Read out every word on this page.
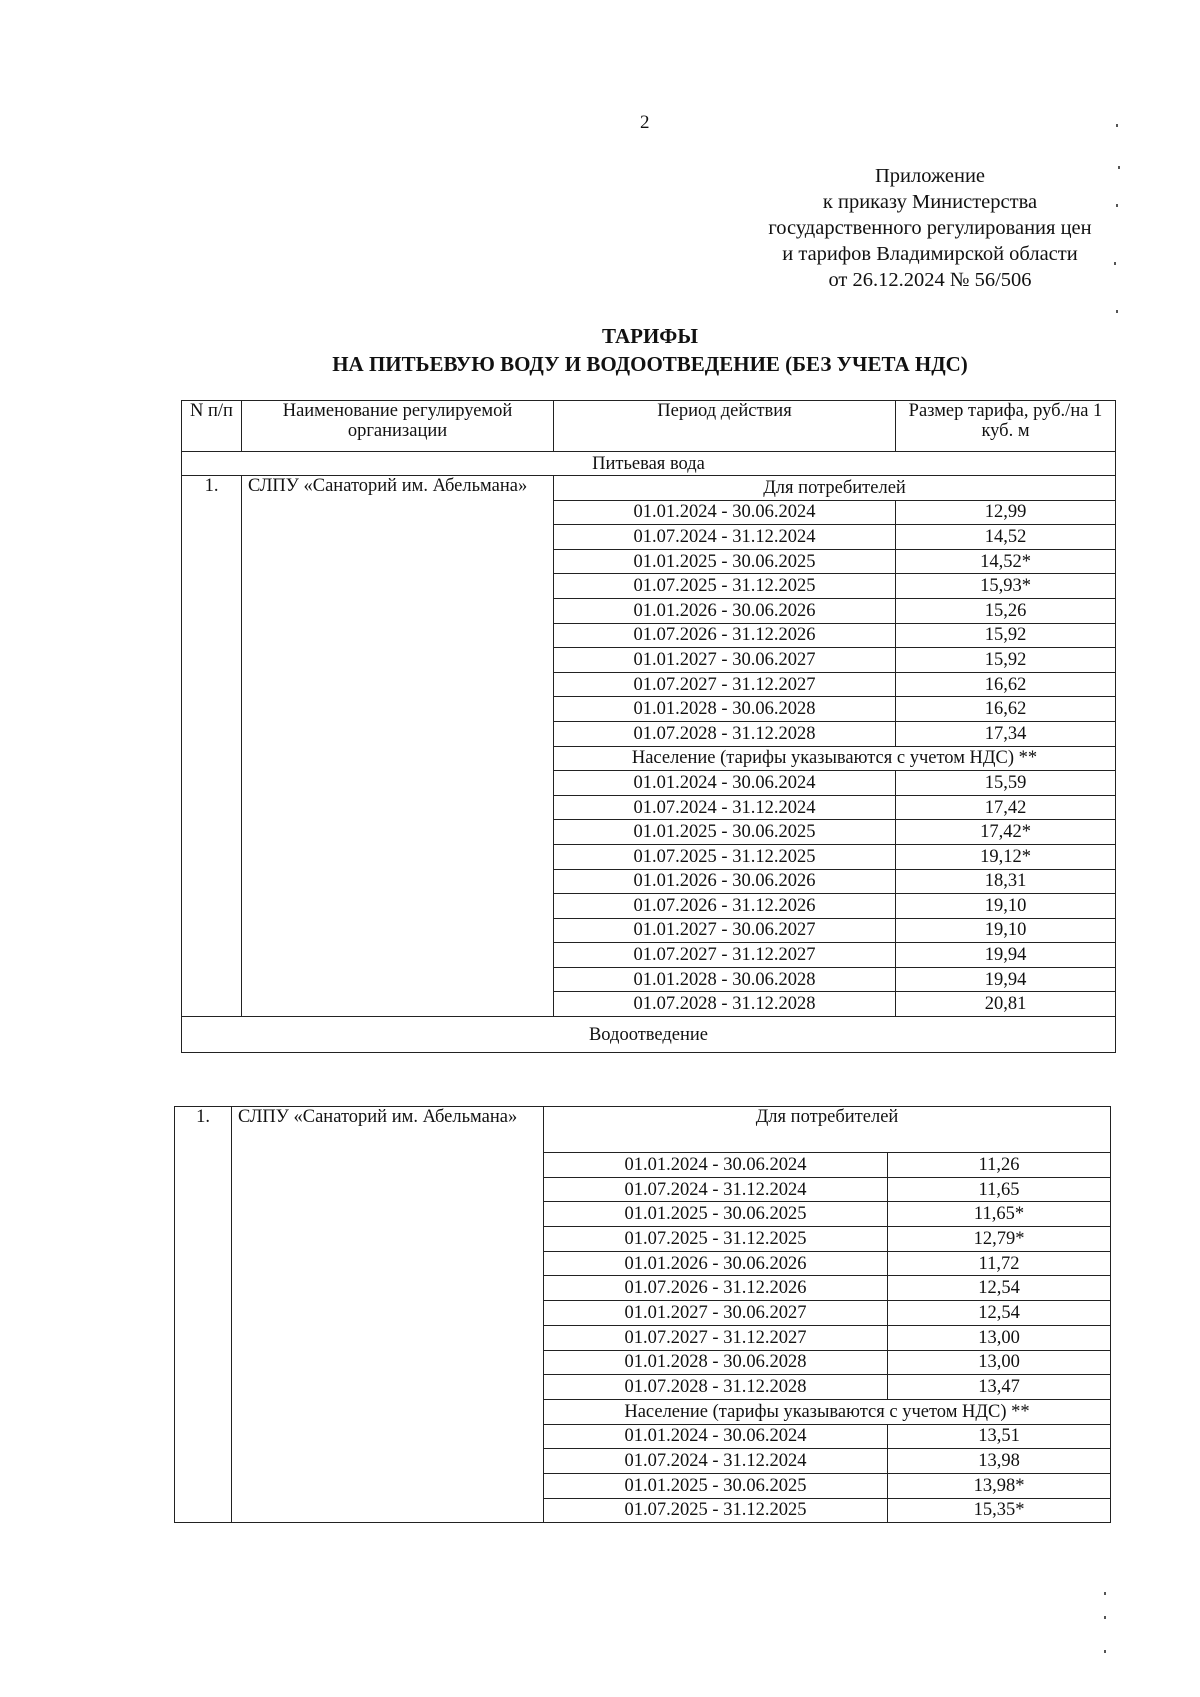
2
Приложение
к приказу Министерства
государственного регулирования цен
и тарифов Владимирской области
от 26.12.2024 № 56/506
ТАРИФЫ
НА ПИТЬЕВУЮ ВОДУ И ВОДООТВЕДЕНИЕ (БЕЗ УЧЕТА НДС)
N п/п	Наименование регулируемой организации	Период действия	Размер тарифа, руб./на 1 куб. м
Питьевая вода			
1.	СЛПУ «Санаторий им. Абельмана»	Для потребителей	
		01.01.2024 - 30.06.2024	12,99
		01.07.2024 - 31.12.2024	14,52
		01.01.2025 - 30.06.2025	14,52*
		01.07.2025 - 31.12.2025	15,93*
		01.01.2026 - 30.06.2026	15,26
		01.07.2026 - 31.12.2026	15,92
		01.01.2027 - 30.06.2027	15,92
		01.07.2027 - 31.12.2027	16,62
		01.01.2028 - 30.06.2028	16,62
		01.07.2028 - 31.12.2028	17,34
		Население (тарифы указываются с учетом НДС) **	
		01.01.2024 - 30.06.2024	15,59
		01.07.2024 - 31.12.2024	17,42
		01.01.2025 - 30.06.2025	17,42*
		01.07.2025 - 31.12.2025	19,12*
		01.01.2026 - 30.06.2026	18,31
		01.07.2026 - 31.12.2026	19,10
		01.01.2027 - 30.06.2027	19,10
		01.07.2027 - 31.12.2027	19,94
		01.01.2028 - 30.06.2028	19,94
		01.07.2028 - 31.12.2028	20,81
Водоотведение			
1.	СЛПУ «Санаторий им. Абельмана»	Для потребителей	
		01.01.2024 - 30.06.2024	11,26
		01.07.2024 - 31.12.2024	11,65
		01.01.2025 - 30.06.2025	11,65*
		01.07.2025 - 31.12.2025	12,79*
		01.01.2026 - 30.06.2026	11,72
		01.07.2026 - 31.12.2026	12,54
		01.01.2027 - 30.06.2027	12,54
		01.07.2027 - 31.12.2027	13,00
		01.01.2028 - 30.06.2028	13,00
		01.07.2028 - 31.12.2028	13,47
		Население (тарифы указываются с учетом НДС) **	
		01.01.2024 - 30.06.2024	13,51
		01.07.2024 - 31.12.2024	13,98
		01.01.2025 - 30.06.2025	13,98*
		01.07.2025 - 31.12.2025	15,35*
